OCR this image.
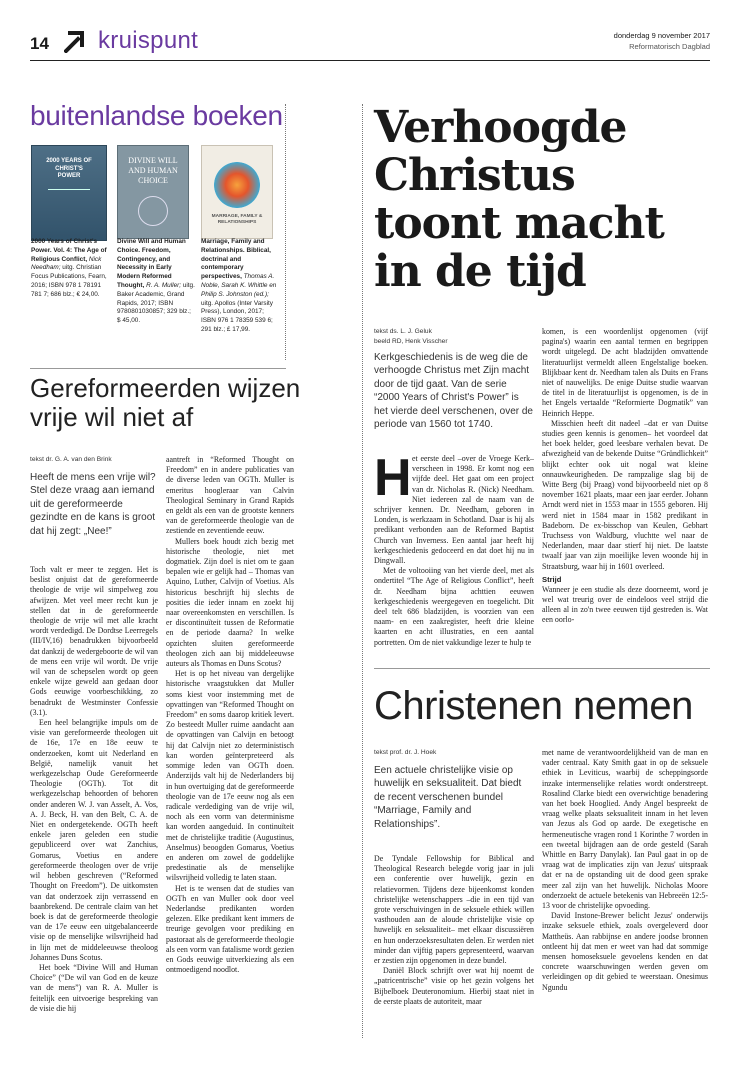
14 kruispunt	donderdag 9 november 2017
Reformatorisch Dagblad
buitenlandse boeken
2000 YEARS OF CHRIST'S POWER
DIVINE WILL AND HUMAN CHOICE
MARRIAGE, FAMILY & RELATIONSHIPS
2000 Years of Christ's Power. Vol. 4: The Age of Religious Conflict, Nick Needham; uitg. Christian Focus Publications, Fearn, 2016; ISBN 978 1 78191 781 7; 686 blz.; € 24,00.
Divine Will and Human Choice. Freedom, Contingency, and Necessity in Early Modern Reformed Thought, R. A. Muller; uitg. Baker Academic, Grand Rapids, 2017; ISBN 9780801030857; 329 blz.; $ 45,00.
Marriage, Family and Relationships. Biblical, doctrinal and contemporary perspectives, Thomas A. Noble, Sarah K. Whittle en Philip S. Johnston (ed.); uitg. Apollos (Inter Varsity Press), London, 2017; ISBN 976 1 78359 539 6; 291 blz.; £ 17,99.
Gereformeerden wijzen vrije wil niet af
tekst dr. G. A. van den Brink
Heeft de mens een vrije wil? Stel deze vraag aan iemand uit de gereformeerde gezindte en de kans is groot dat hij zegt: „Nee!”

Toch valt er meer te zeggen. Het is beslist onjuist dat de gereformeerde theologie de vrije wil simpelweg zou afwijzen. Met veel meer recht kun je stellen dat in de gereformeerde theologie de vrije wil met alle kracht wordt verdedigd. De Dordtse Leerregels (III/IV,16) benadrukken bijvoorbeeld dat dankzij de wedergeboorte de wil van de mens een vrije wil wordt. De vrije wil van de schepselen wordt op geen enkele wijze geweld aan gedaan door Gods eeuwige voorbeschikking, zo benadrukt de Westminster Confessie (3.1).

Een heel belangrijke impuls om de visie van gereformeerde theologen uit de 16e, 17e en 18e eeuw te onderzoeken, komt uit Nederland en België, namelijk vanuit het werkgezelschap Oude Gereformeerde Theologie (OGTh). Tot dit werkgezelschap behoorden of behoren onder anderen W. J. van Asselt, A. Vos, A. J. Beck, H. van den Belt, C. A. de Niet en ondergetekende. OGTh heeft enkele jaren geleden een studie gepubliceerd over wat Zanchius, Gomarus, Voetius en andere gereformeerde theologen over de vrije wil hebben geschreven (“Reformed Thought on Freedom”). De uitkomsten van dat onderzoek zijn verrassend en baanbrekend. De centrale claim van het boek is dat de gereformeerde theologie van de 17e eeuw een uitgebalanceerde visie op de menselijke wilsvrijheid had in lijn met de middeleeuwse theoloog Johannes Duns Scotus.

Het boek “Divine Will and Human Choice” (“De wil van God en de keuze van de mens”) van R. A. Muller is feitelijk een uitvoerige bespreking van de visie die hij

aantreft in “Reformed Thought on Freedom” en in andere publicaties van de diverse leden van OGTh. Muller is emeritus hoogleraar van Calvin Theological Seminary in Grand Rapids en geldt als een van de grootste kenners van de gereformeerde theologie van de zestiende en zeventiende eeuw.

Mullers boek houdt zich bezig met historische theologie, niet met dogmatiek. Zijn doel is niet om te gaan bepalen wie er gelijk had – Thomas van Aquino, Luther, Calvijn of Voetius. Als historicus beschrijft hij slechts de posities die ieder innam en zoekt hij naar overeenkomsten en verschillen. Is er discontinuïteit tussen de Reformatie en de periode daarna? In welke opzichten sluiten gereformeerde theologen zich aan bij middeleeuwse auteurs als Thomas en Duns Scotus?

Het is op het niveau van dergelijke historische vraagstukken dat Muller soms kiest voor instemming met de opvattingen van “Reformed Thought on Freedom” en soms daarop kritiek levert. Zo besteedt Muller ruime aandacht aan de opvattingen van Calvijn en betoogt hij dat Calvijn niet zo deterministisch kan worden geïnterpreteerd als sommige leden van OGTh doen. Anderzijds valt hij de Nederlanders bij in hun overtuiging dat de gereformeerde theologie van de 17e eeuw nog als een radicale verdediging van de vrije wil, noch als een vorm van determinisme kan worden aangeduid. In continuïteit met de christelijke traditie (Augustinus, Anselmus) beoogden Gomarus, Voetius en anderen om zowel de goddelijke predestinatie als de menselijke wilsvrijheid volledig te laten staan.

Het is te wensen dat de studies van OGTh en van Muller ook door veel Nederlandse predikanten worden gelezen. Elke predikant kent immers de treurige gevolgen voor prediking en pastoraat als de gereformeerde theologie als een vorm van fatalisme wordt gezien en Gods eeuwige uitverkiezing als een ontmoedigend noodlot.

Verhoogde Christus toont macht in de tijd
tekst ds. L. J. Geluk
beeld RD, Henk Visscher
Kerkgeschiedenis is de weg die de verhoogde Christus met Zijn macht door de tijd gaat. Van de serie “2000 Years of Christ's Power” is het vierde deel verschenen, over de periode van 1560 tot 1740.
H et eerste deel –over de Vroege Kerk– verscheen in 1998. Er komt nog een vijfde deel. Het gaat om een project van dr. Nicholas R. (Nick) Needham. Niet iedereen zal de naam van de schrijver kennen. Dr. Needham, geboren in Londen, is werkzaam in Schotland. Daar is hij als predikant verbonden aan de Reformed Baptist Church van Inverness. Een aantal jaar heeft hij kerkgeschiedenis gedoceerd en dat doet hij nu in Dingwall.

Met de voltooiing van het vierde deel, met als ondertitel “The Age of Religious Conflict”, heeft dr. Needham bijna achttien eeuwen kerkgeschiedenis weergegeven en toegelicht. Dit deel telt 686 bladzijden, is voorzien van een naam- en een zaakregister, heeft drie kleine kaarten en acht illustraties, en een aantal portretten. Om de niet vakkundige lezer te hulp te

komen, is een woordenlijst opgenomen (vijf pagina's) waarin een aantal termen en begrippen wordt uitgelegd. De acht bladzijden omvattende literatuurlijst vermeldt alleen Engelstalige boeken. Blijkbaar kent dr. Needham talen als Duits en Frans niet of nauwelijks. De enige Duitse studie waarvan de titel in de literatuurlijst is opgenomen, is de in het Engels vertaalde “Reformierte Dogmatik” van Heinrich Heppe.

Misschien heeft dit nadeel –dat er van Duitse studies geen kennis is genomen– het voordeel dat het boek helder, goed leesbare verhalen bevat. De afwezigheid van de bekende Duitse “Gründlichkeit” blijkt echter ook uit nogal wat kleine onnauwkeurigheden. De rampzalige slag bij de Witte Berg (bij Praag) vond bijvoorbeeld niet op 8 november 1621 plaats, maar een jaar eerder. Johann Arndt werd niet in 1553 maar in 1555 geboren. Hij werd niet in 1584 maar in 1582 predikant in Badeborn. De ex-bisschop van Keulen, Gebhart Truchsess von Waldburg, vluchtte wel naar de Nederlanden, maar daar stierf hij niet. De laatste twaalf jaar van zijn moeilijke leven woonde hij in Straatsburg, waar hij in 1601 overleed.

Strijd

Wanneer je een studie als deze doorneemt, word je wel wat treurig over de eindeloos veel strijd die alleen al in zo'n twee eeuwen tijd gestreden is. Wat een oorlo-

Christenen nemen
tekst prof. dr. J. Hoek
Een actuele christelijke visie op huwelijk en seksualiteit. Dat biedt de recent verschenen bundel “Marriage, Family and Relationships”.

De Tyndale Fellowship for Biblical and Theological Research belegde vorig jaar in juli een conferentie over huwelijk, gezin en relatievormen. Tijdens deze bijeenkomst konden christelijke wetenschappers –die in een tijd van grote verschuivingen in de seksuele ethiek willen vasthouden aan de aloude christelijke visie op huwelijk en seksualiteit– met elkaar discussiëren en hun onderzoeksresultaten delen. Er werden niet minder dan vijftig papers gepresenteerd, waarvan er zestien zijn opgenomen in deze bundel.

Daniël Block schrijft over wat hij noemt de „patricentrische” visie op het gezin volgens het Bijbelboek Deuteronomium. Hierbij staat niet in de eerste plaats de autoriteit, maar

met name de verantwoordelijkheid van de man en vader centraal. Katy Smith gaat in op de seksuele ethiek in Leviticus, waarbij de scheppingsorde inzake intermenselijke relaties wordt onderstreept. Rosalind Clarke biedt een overwichtige benadering van het boek Hooglied. Andy Angel bespreekt de vraag welke plaats seksualiteit innam in het leven van Jezus als God op aarde. De exegetische en hermeneutische vragen rond 1 Korinthe 7 worden in een tweetal bijdragen aan de orde gesteld (Sarah Whittle en Barry Danylak). Ian Paul gaat in op de vraag wat de implicaties zijn van Jezus' uitspraak dat er na de opstanding uit de dood geen sprake meer zal zijn van het huwelijk. Nicholas Moore onderzoekt de actuele betekenis van Hebreeën 12:5-13 voor de christelijke opvoeding.

David Instone-Brewer belicht Jezus' onderwijs inzake seksuele ethiek, zoals overgeleverd door Mattheüs. Aan rabbijnse en andere joodse bronnen ontleent hij dat men er weet van had dat sommige mensen homoseksuele gevoelens kenden en dat concrete waarschuwingen werden geven om verleidingen op dit gebied te weerstaan. Onesimus Ngundu
